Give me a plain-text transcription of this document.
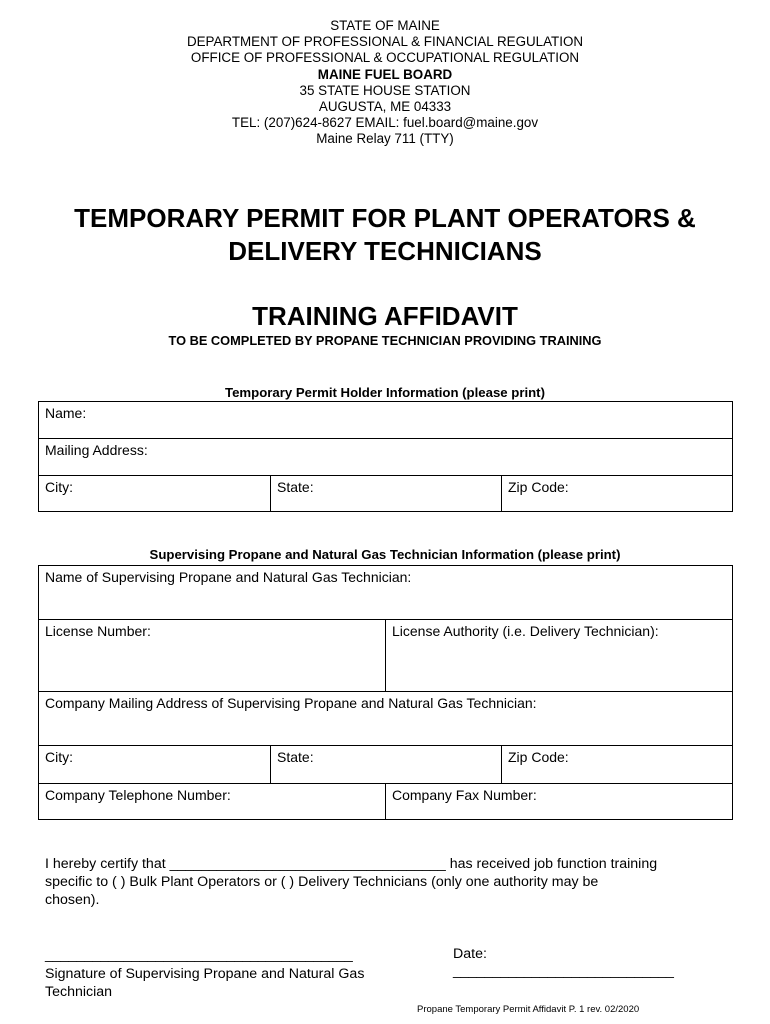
STATE OF MAINE
DEPARTMENT OF PROFESSIONAL & FINANCIAL REGULATION
OFFICE OF PROFESSIONAL & OCCUPATIONAL REGULATION
MAINE FUEL BOARD
35 STATE HOUSE STATION
AUGUSTA, ME 04333
TEL: (207)624-8627 EMAIL: fuel.board@maine.gov
Maine Relay 711 (TTY)
TEMPORARY PERMIT FOR PLANT OPERATORS &
DELIVERY TECHNICIANS
TRAINING AFFIDAVIT
TO BE COMPLETED BY PROPANE TECHNICIAN PROVIDING TRAINING
Temporary Permit Holder Information (please print)
Name:
Mailing Address:
City:	State:	Zip Code:
Supervising Propane and Natural Gas Technician Information (please print)
Name of Supervising Propane and Natural Gas Technician:			
License Number:		License Authority (i.e. Delivery Technician):	
Company Mailing Address of Supervising Propane and Natural Gas Technician:			
City:	State:		Zip Code:
Company Telephone Number:		Company Fax Number:	
I hereby certify that ___________________________________ has received job function training
specific to ( ) Bulk Plant Operators or ( ) Delivery Technicians (only one authority may be
chosen).
_______________________________________
Signature of Supervising Propane and Natural Gas Technician
Date:
____________________________
Propane Temporary Permit Affidavit P. 1 rev. 02/2020
